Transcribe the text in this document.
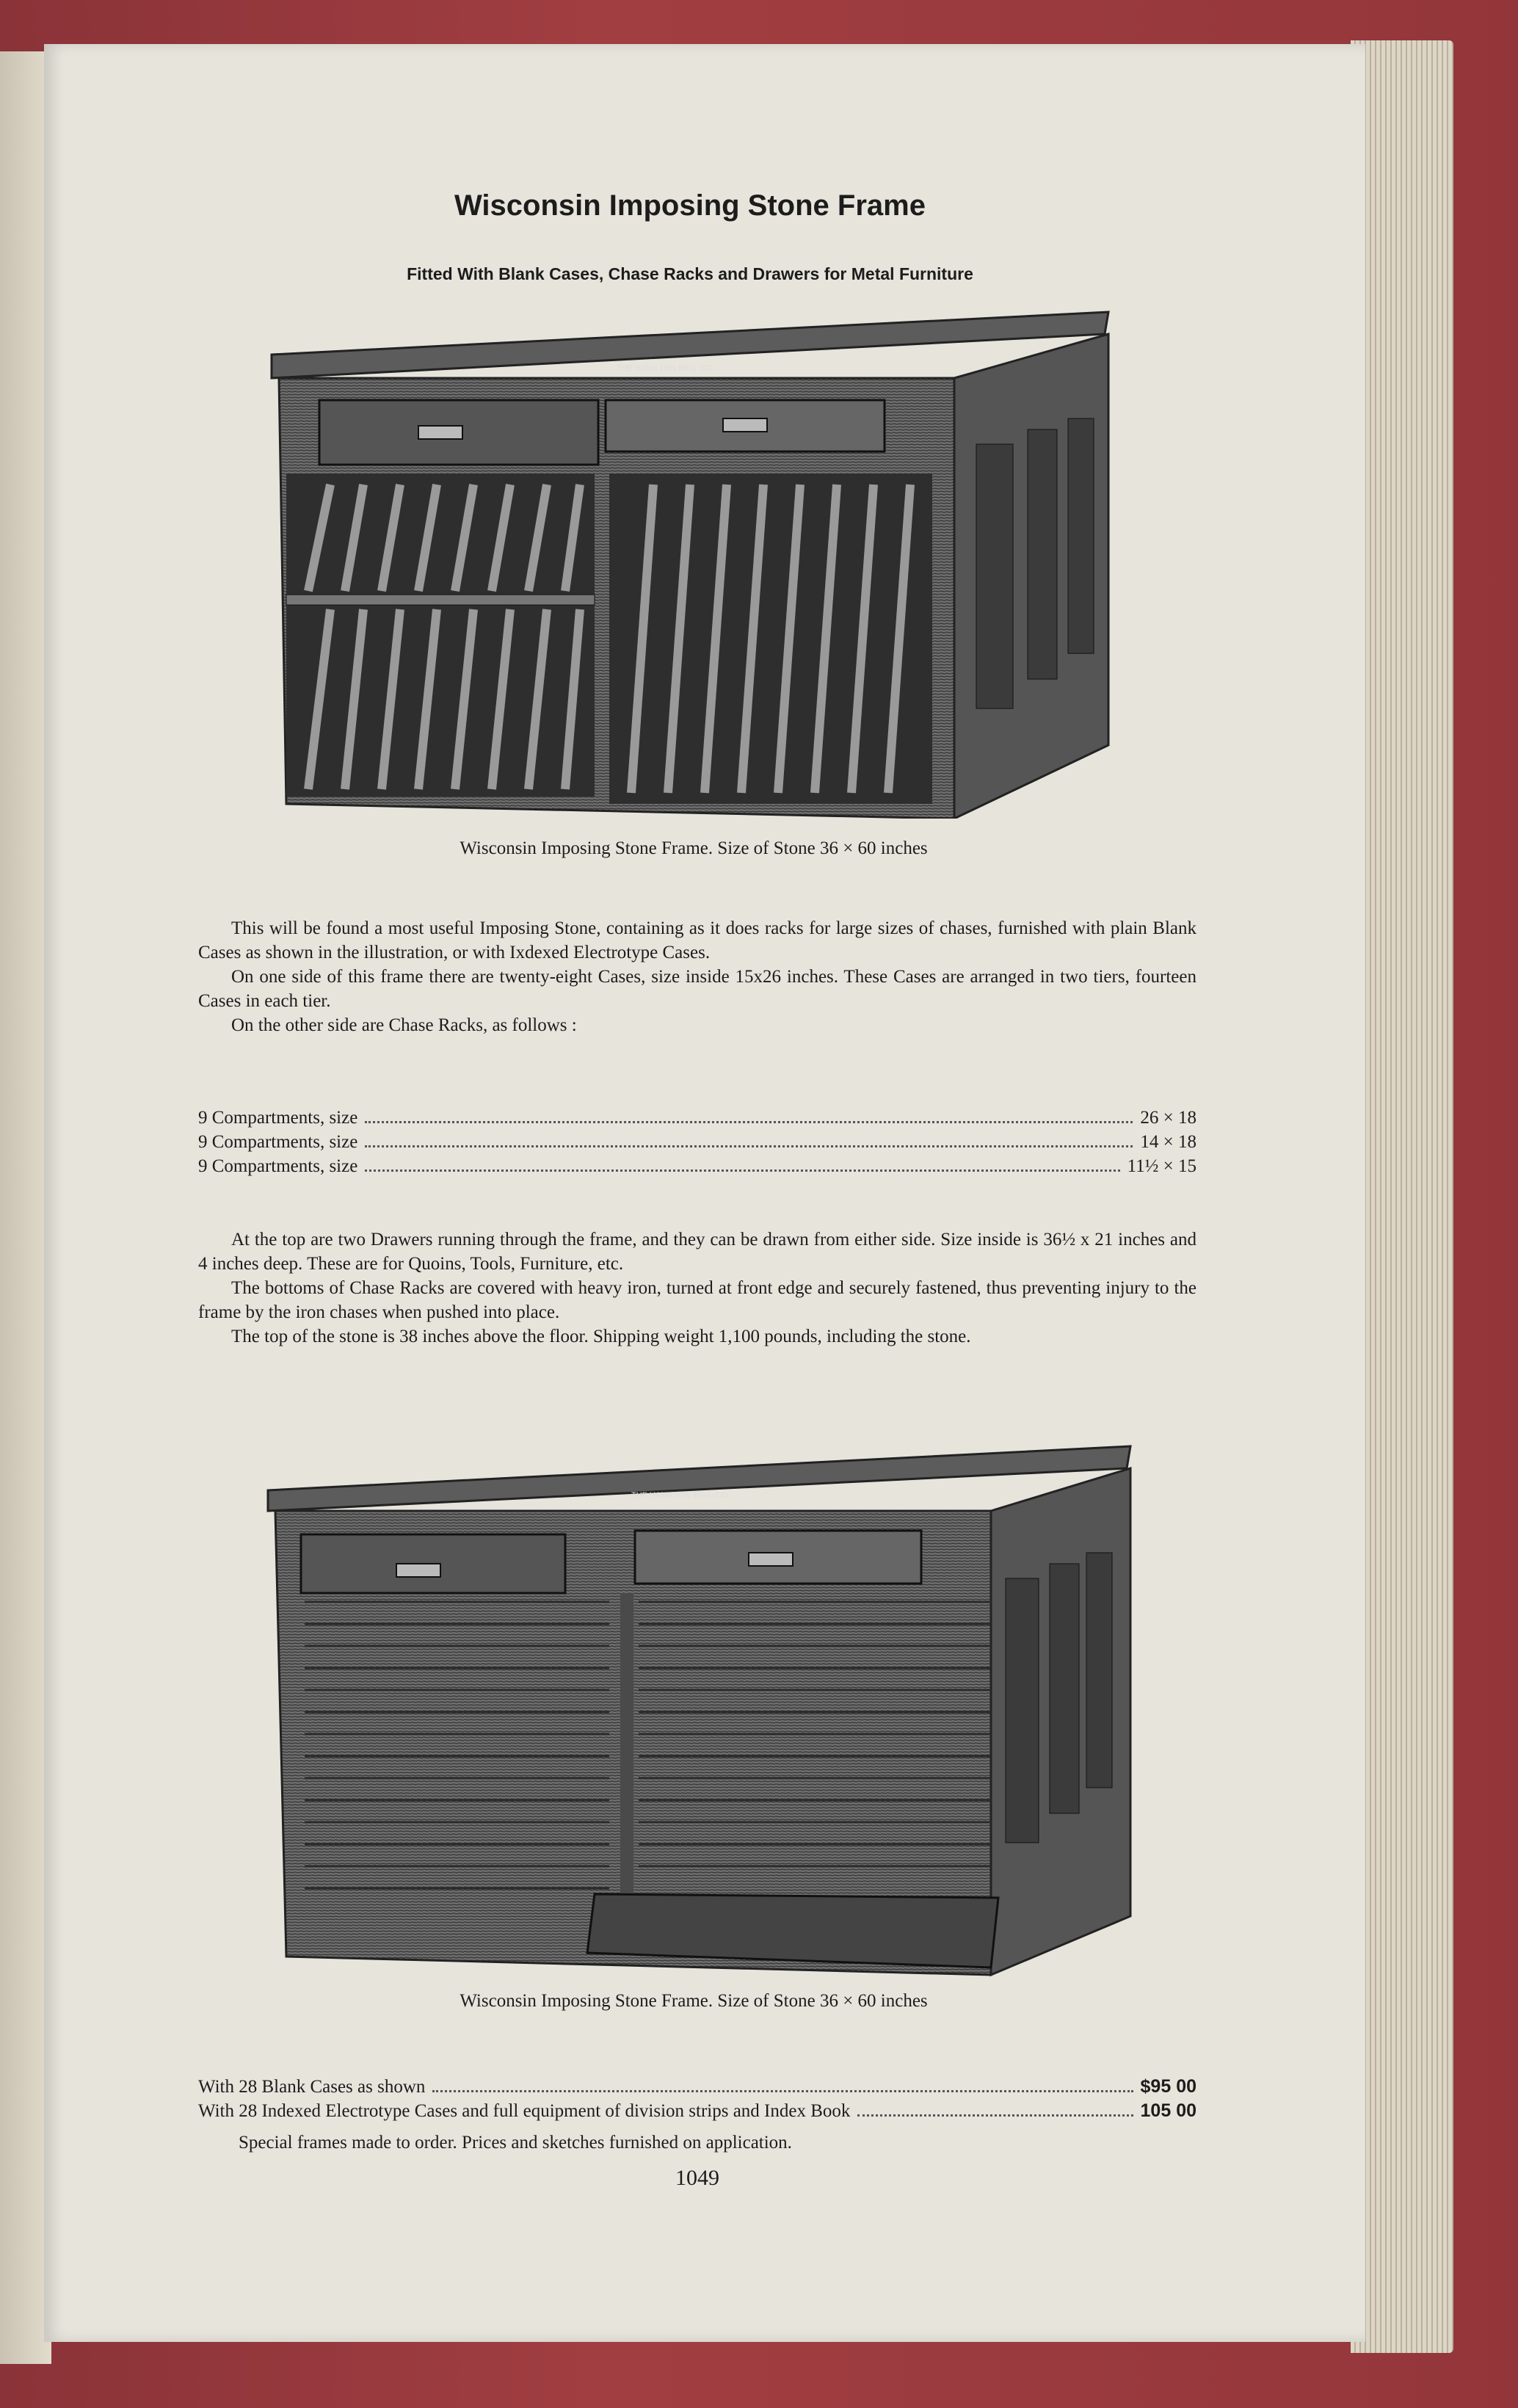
Wisconsin Imposing Stone Frame
Fitted With Blank Cases, Chase Racks and Drawers for Metal Furniture
THE HAMILTON MFG. CO.
Wisconsin Imposing Stone Frame. Size of Stone 36 × 60 inches

This will be found a most useful Imposing Stone, containing as it does racks for large sizes of chases, furnished with plain Blank Cases as shown in the illustration, or with Ixdexed Electrotype Cases.

On one side of this frame there are twenty-eight Cases, size inside 15x26 inches. These Cases are arranged in two tiers, fourteen Cases in each tier.

On the other side are Chase Racks, as follows :

9 Compartments, size	26 × 18
9 Compartments, size	14 × 18
9 Compartments, size	11½ × 15

At the top are two Drawers running through the frame, and they can be drawn from either side. Size inside is 36½ x 21 inches and 4 inches deep. These are for Quoins, Tools, Furniture, etc.

The bottoms of Chase Racks are covered with heavy iron, turned at front edge and securely fastened, thus preventing injury to the frame by the iron chases when pushed into place.

The top of the stone is 38 inches above the floor. Shipping weight 1,100 pounds, including the stone.

THE HAMILTON MFG. CO.
Wisconsin Imposing Stone Frame. Size of Stone 36 × 60 inches
With 28 Blank Cases as shown	$95 00
With 28 Indexed Electrotype Cases and full equipment of division strips and Index Book	105 00
Special frames made to order. Prices and sketches furnished on application.
1049
